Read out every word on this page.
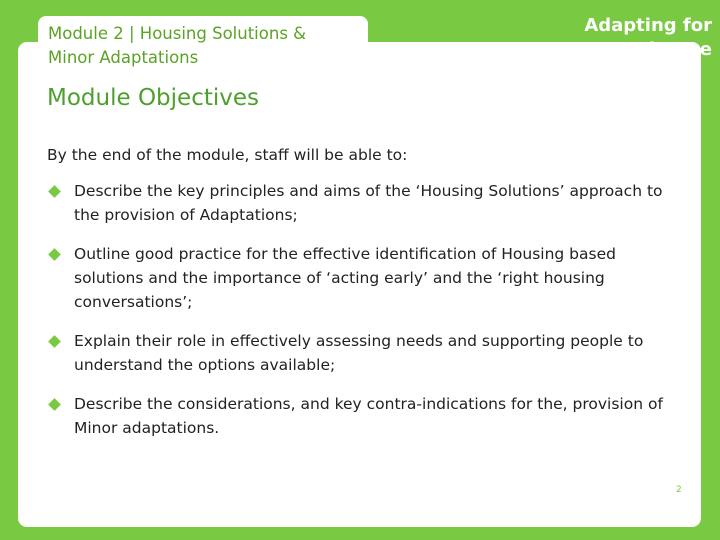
Module 2 | Housing Solutions &
Minor Adaptations
Adapting for Change
Module Objectives
By the end of the module, staff will be able to:
Describe the key principles and aims of the ‘Housing Solutions’ approach to the provision of Adaptations;
Outline good practice for the effective identification of Housing based solutions and the importance of ‘acting early’ and the ‘right housing conversations’;
Explain their role in effectively assessing needs and supporting people to understand the options available;
Describe the considerations, and key contra-indications for the, provision of Minor adaptations.
2
